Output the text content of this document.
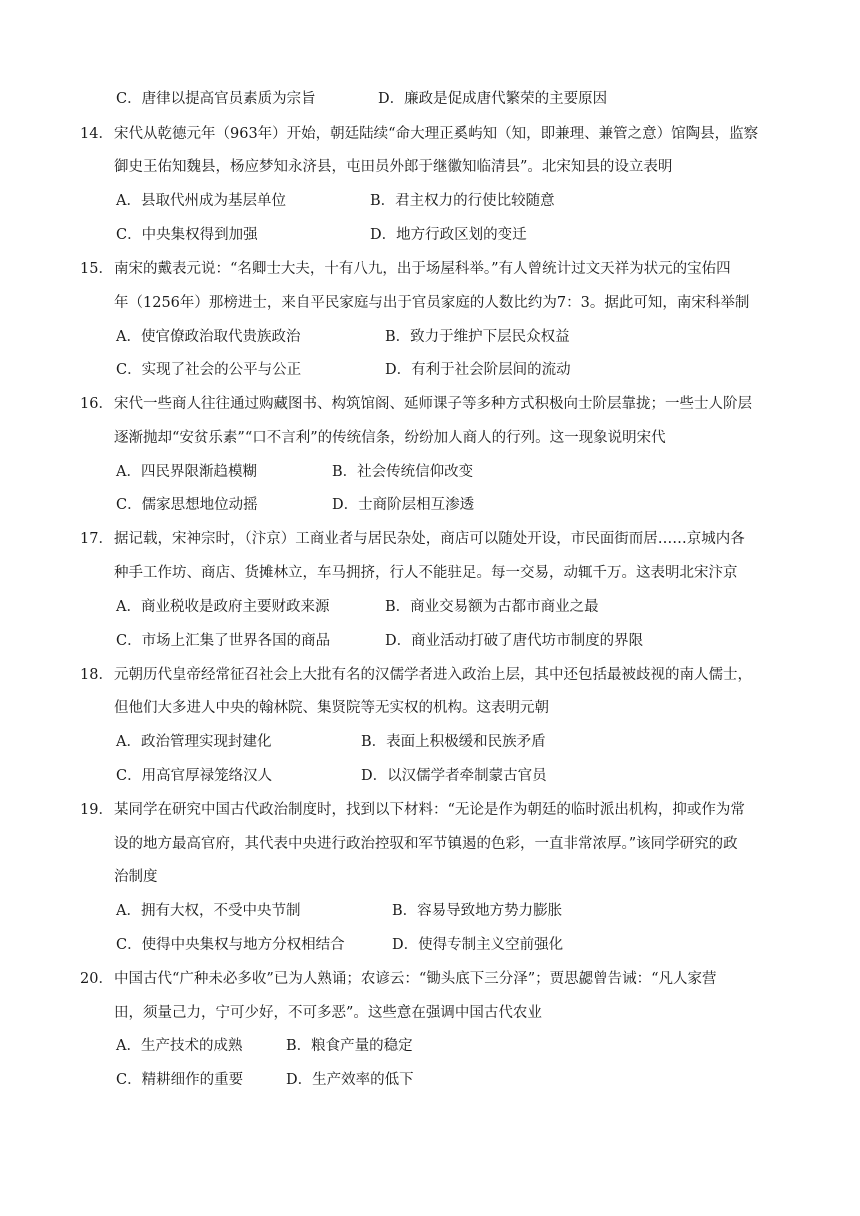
C．唐律以提高官员素质为宗旨	D．廉政是促成唐代繁荣的主要原因
14．宋代从乾德元年（963年）开始，朝廷陆续“命大理正奚屿知（知，即兼理、兼管之意）馆陶县，监察
御史王佑知魏县，杨应梦知永济县，屯田员外郎于继徽知临清县”。北宋知县的设立表明
A．县取代州成为基层单位	B．君主权力的行使比较随意
C．中央集权得到加强	D．地方行政区划的变迁
15．南宋的戴表元说：“名卿士大夫，十有八九，出于场屋科举。”有人曾统计过文天祥为状元的宝佑四
年（1256年）那榜进士，来自平民家庭与出于官员家庭的人数比约为7：3。据此可知，南宋科举制
A．使官僚政治取代贵族政治	B．致力于维护下层民众权益
C．实现了社会的公平与公正	D．有利于社会阶层间的流动
16．宋代一些商人往往通过购藏图书、构筑馆阁、延师课子等多种方式积极向士阶层靠拢；一些士人阶层
逐渐抛却“安贫乐素”“口不言利”的传统信条，纷纷加人商人的行列。这一现象说明宋代
A．四民界限渐趋模糊	B．社会传统信仰改变
C．儒家思想地位动摇	D．士商阶层相互渗透
17．据记载，宋神宗时，（汴京）工商业者与居民杂处，商店可以随处开设，市民面街而居……京城内各
种手工作坊、商店、货摊林立，车马拥挤，行人不能驻足。每一交易，动辄千万。这表明北宋汴京
A．商业税收是政府主要财政来源	B．商业交易额为古都市商业之最
C．市场上汇集了世界各国的商品	D．商业活动打破了唐代坊市制度的界限
18．元朝历代皇帝经常征召社会上大批有名的汉儒学者进入政治上层，其中还包括最被歧视的南人儒士，
但他们大多进人中央的翰林院、集贤院等无实权的机构。这表明元朝
A．政治管理实现封建化	B．表面上积极缓和民族矛盾
C．用高官厚禄笼络汉人	D．以汉儒学者牵制蒙古官员
19．某同学在研究中国古代政治制度时，找到以下材料：“无论是作为朝廷的临时派出机构，抑或作为常
设的地方最高官府，其代表中央进行政治控驭和军节镇遏的色彩，一直非常浓厚。”该同学研究的政
治制度
A．拥有大权，不受中央节制	B．容易导致地方势力膨胀
C．使得中央集权与地方分权相结合	D．使得专制主义空前强化
20．中国古代“广种未必多收”已为人熟诵；农谚云：“锄头底下三分泽”；贾思勰曾告诫：“凡人家营
田，须量己力，宁可少好，不可多恶”。这些意在强调中国古代农业
A．生产技术的成熟	B．粮食产量的稳定
C．精耕细作的重要	D．生产效率的低下
